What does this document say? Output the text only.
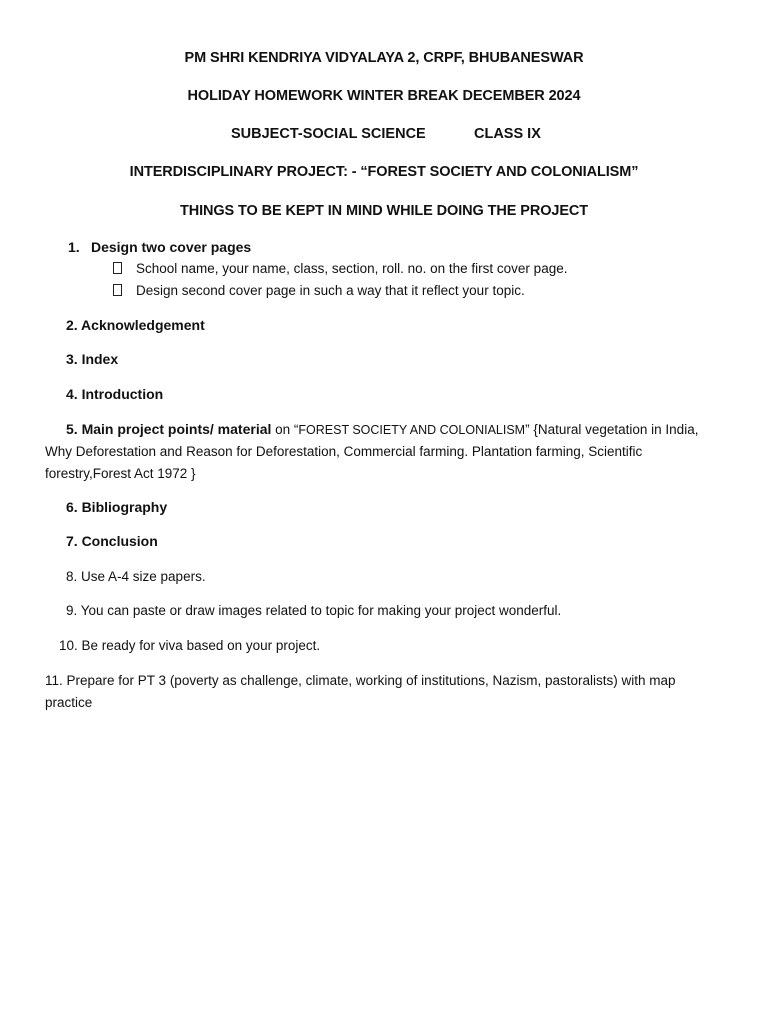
PM SHRI KENDRIYA VIDYALAYA 2, CRPF, BHUBANESWAR
HOLIDAY HOMEWORK WINTER BREAK DECEMBER 2024
SUBJECT-SOCIAL SCIENCE	CLASS IX
INTERDISCIPLINARY PROJECT: - “FOREST SOCIETY AND COLONIALISM”
THINGS TO BE KEPT IN MIND WHILE DOING THE PROJECT
1. Design two cover pages
School name, your name, class, section, roll. no. on the first cover page.
Design second cover page in such a way that it reflect your topic.
2. Acknowledgement
3. Index
4. Introduction
5. Main project points/ material on “FOREST SOCIETY AND COLONIALISM” {Natural vegetation in India, Why Deforestation and Reason for Deforestation, Commercial farming. Plantation farming, Scientific forestry,Forest Act 1972 }
6. Bibliography
7. Conclusion
8. Use A-4 size papers.
9. You can paste or draw images related to topic for making your project wonderful.
10. Be ready for viva based on your project.
11. Prepare for PT 3 (poverty as challenge, climate, working of institutions, Nazism, pastoralists) with map practice
